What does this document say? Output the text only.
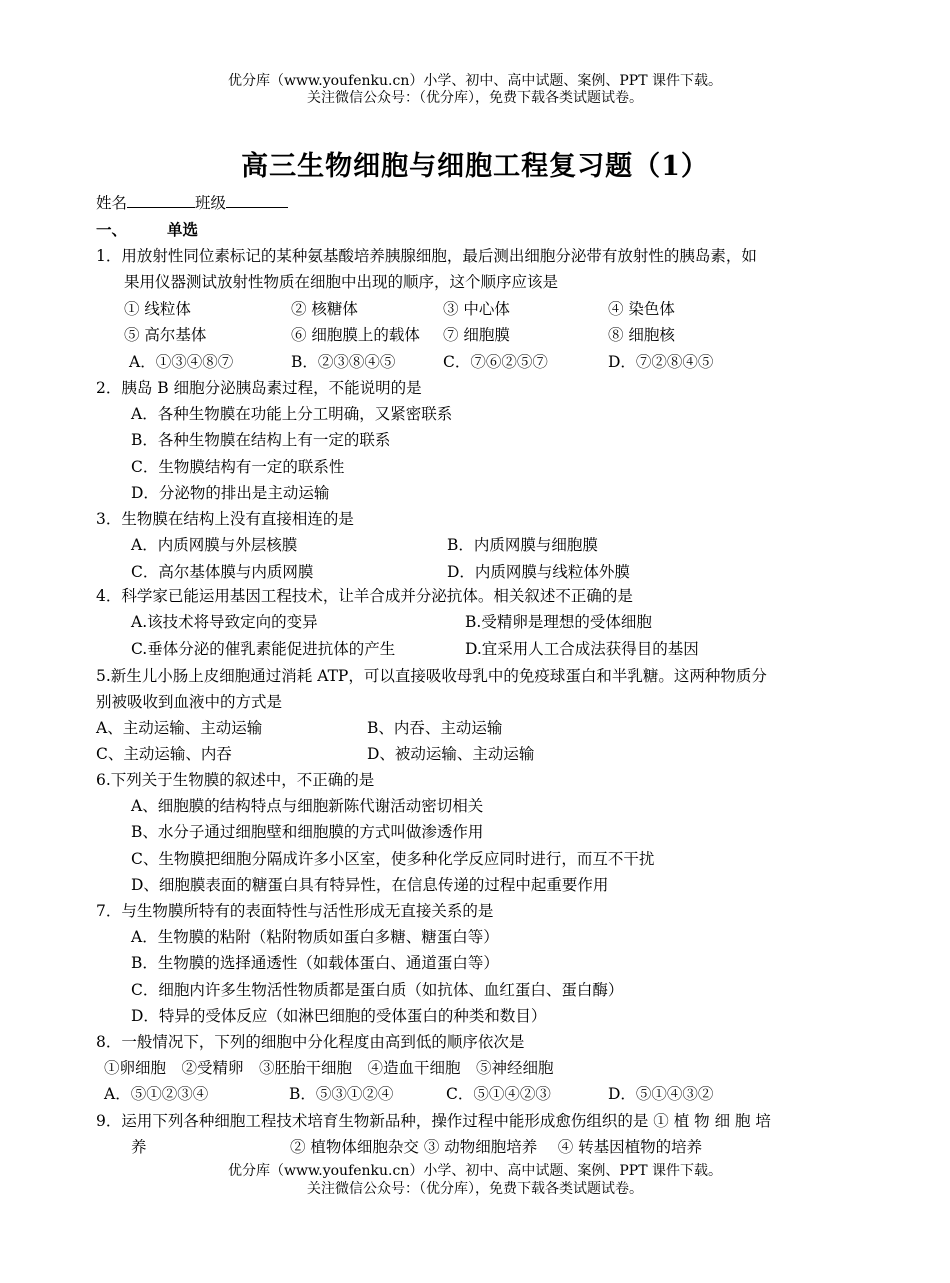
优分库（www.youfenku.cn）小学、初中、高中试题、案例、PPT 课件下载。
关注微信公众号：（优分库），免费下载各类试题试卷。
高三生物细胞与细胞工程复习题（1）
姓名	班级
一、	单选
1．用放射性同位素标记的某种氨基酸培养胰腺细胞，最后测出细胞分泌带有放射性的胰岛素，如
果用仪器测试放射性物质在细胞中出现的顺序，这个顺序应该是
① 线粒体	② 核糖体	③ 中心体	④ 染色体
⑤ 高尔基体	⑥ 细胞膜上的载体 ⑦ 细胞膜	⑧ 细胞核
A．①③④⑧⑦	B．②③⑧④⑤	C．⑦⑥②⑤⑦	D．⑦②⑧④⑤
2．胰岛 B 细胞分泌胰岛素过程，不能说明的是
A．各种生物膜在功能上分工明确，又紧密联系
B．各种生物膜在结构上有一定的联系
C．生物膜结构有一定的联系性
D．分泌物的排出是主动运输
3．生物膜在结构上没有直接相连的是
A．内质网膜与外层核膜	B．内质网膜与细胞膜
C．高尔基体膜与内质网膜	D．内质网膜与线粒体外膜
4．科学家已能运用基因工程技术，让羊合成并分泌抗体。相关叙述不正确的是
A.该技术将导致定向的变异	B.受精卵是理想的受体细胞
C.垂体分泌的催乳素能促进抗体的产生	D.宜采用人工合成法获得目的基因
5.新生儿小肠上皮细胞通过消耗 ATP，可以直接吸收母乳中的免疫球蛋白和半乳糖。这两种物质分
别被吸收到血液中的方式是
A、主动运输、主动运输	B、内吞、主动运输
C、主动运输、内吞	D、被动运输、主动运输
6.下列关于生物膜的叙述中，不正确的是
A、细胞膜的结构特点与细胞新陈代谢活动密切相关
B、水分子通过细胞壁和细胞膜的方式叫做渗透作用
C、生物膜把细胞分隔成许多小区室，使多种化学反应同时进行，而互不干扰
D、细胞膜表面的糖蛋白具有特异性，在信息传递的过程中起重要作用
7．与生物膜所特有的表面特性与活性形成无直接关系的是
A．生物膜的粘附（粘附物质如蛋白多糖、糖蛋白等）
B．生物膜的选择通透性（如载体蛋白、通道蛋白等）
C．细胞内许多生物活性物质都是蛋白质（如抗体、血红蛋白、蛋白酶）
D．特异的受体反应（如淋巴细胞的受体蛋白的种类和数目）
8．一般情况下，下列的细胞中分化程度由高到低的顺序依次是
①卵细胞　②受精卵　③胚胎干细胞　④造血干细胞　⑤神经细胞
A．⑤①②③④	B．⑤③①②④	C．⑤①④②③	D．⑤①④③②
9．运用下列各种细胞工程技术培育生物新品种，操作过程中能形成愈伤组织的是 ① 植 物 细 胞 培
养	② 植物体细胞杂交 ③ 动物细胞培养　 ④ 转基因植物的培养
优分库（www.youfenku.cn）小学、初中、高中试题、案例、PPT 课件下载。
关注微信公众号：（优分库），免费下载各类试题试卷。
